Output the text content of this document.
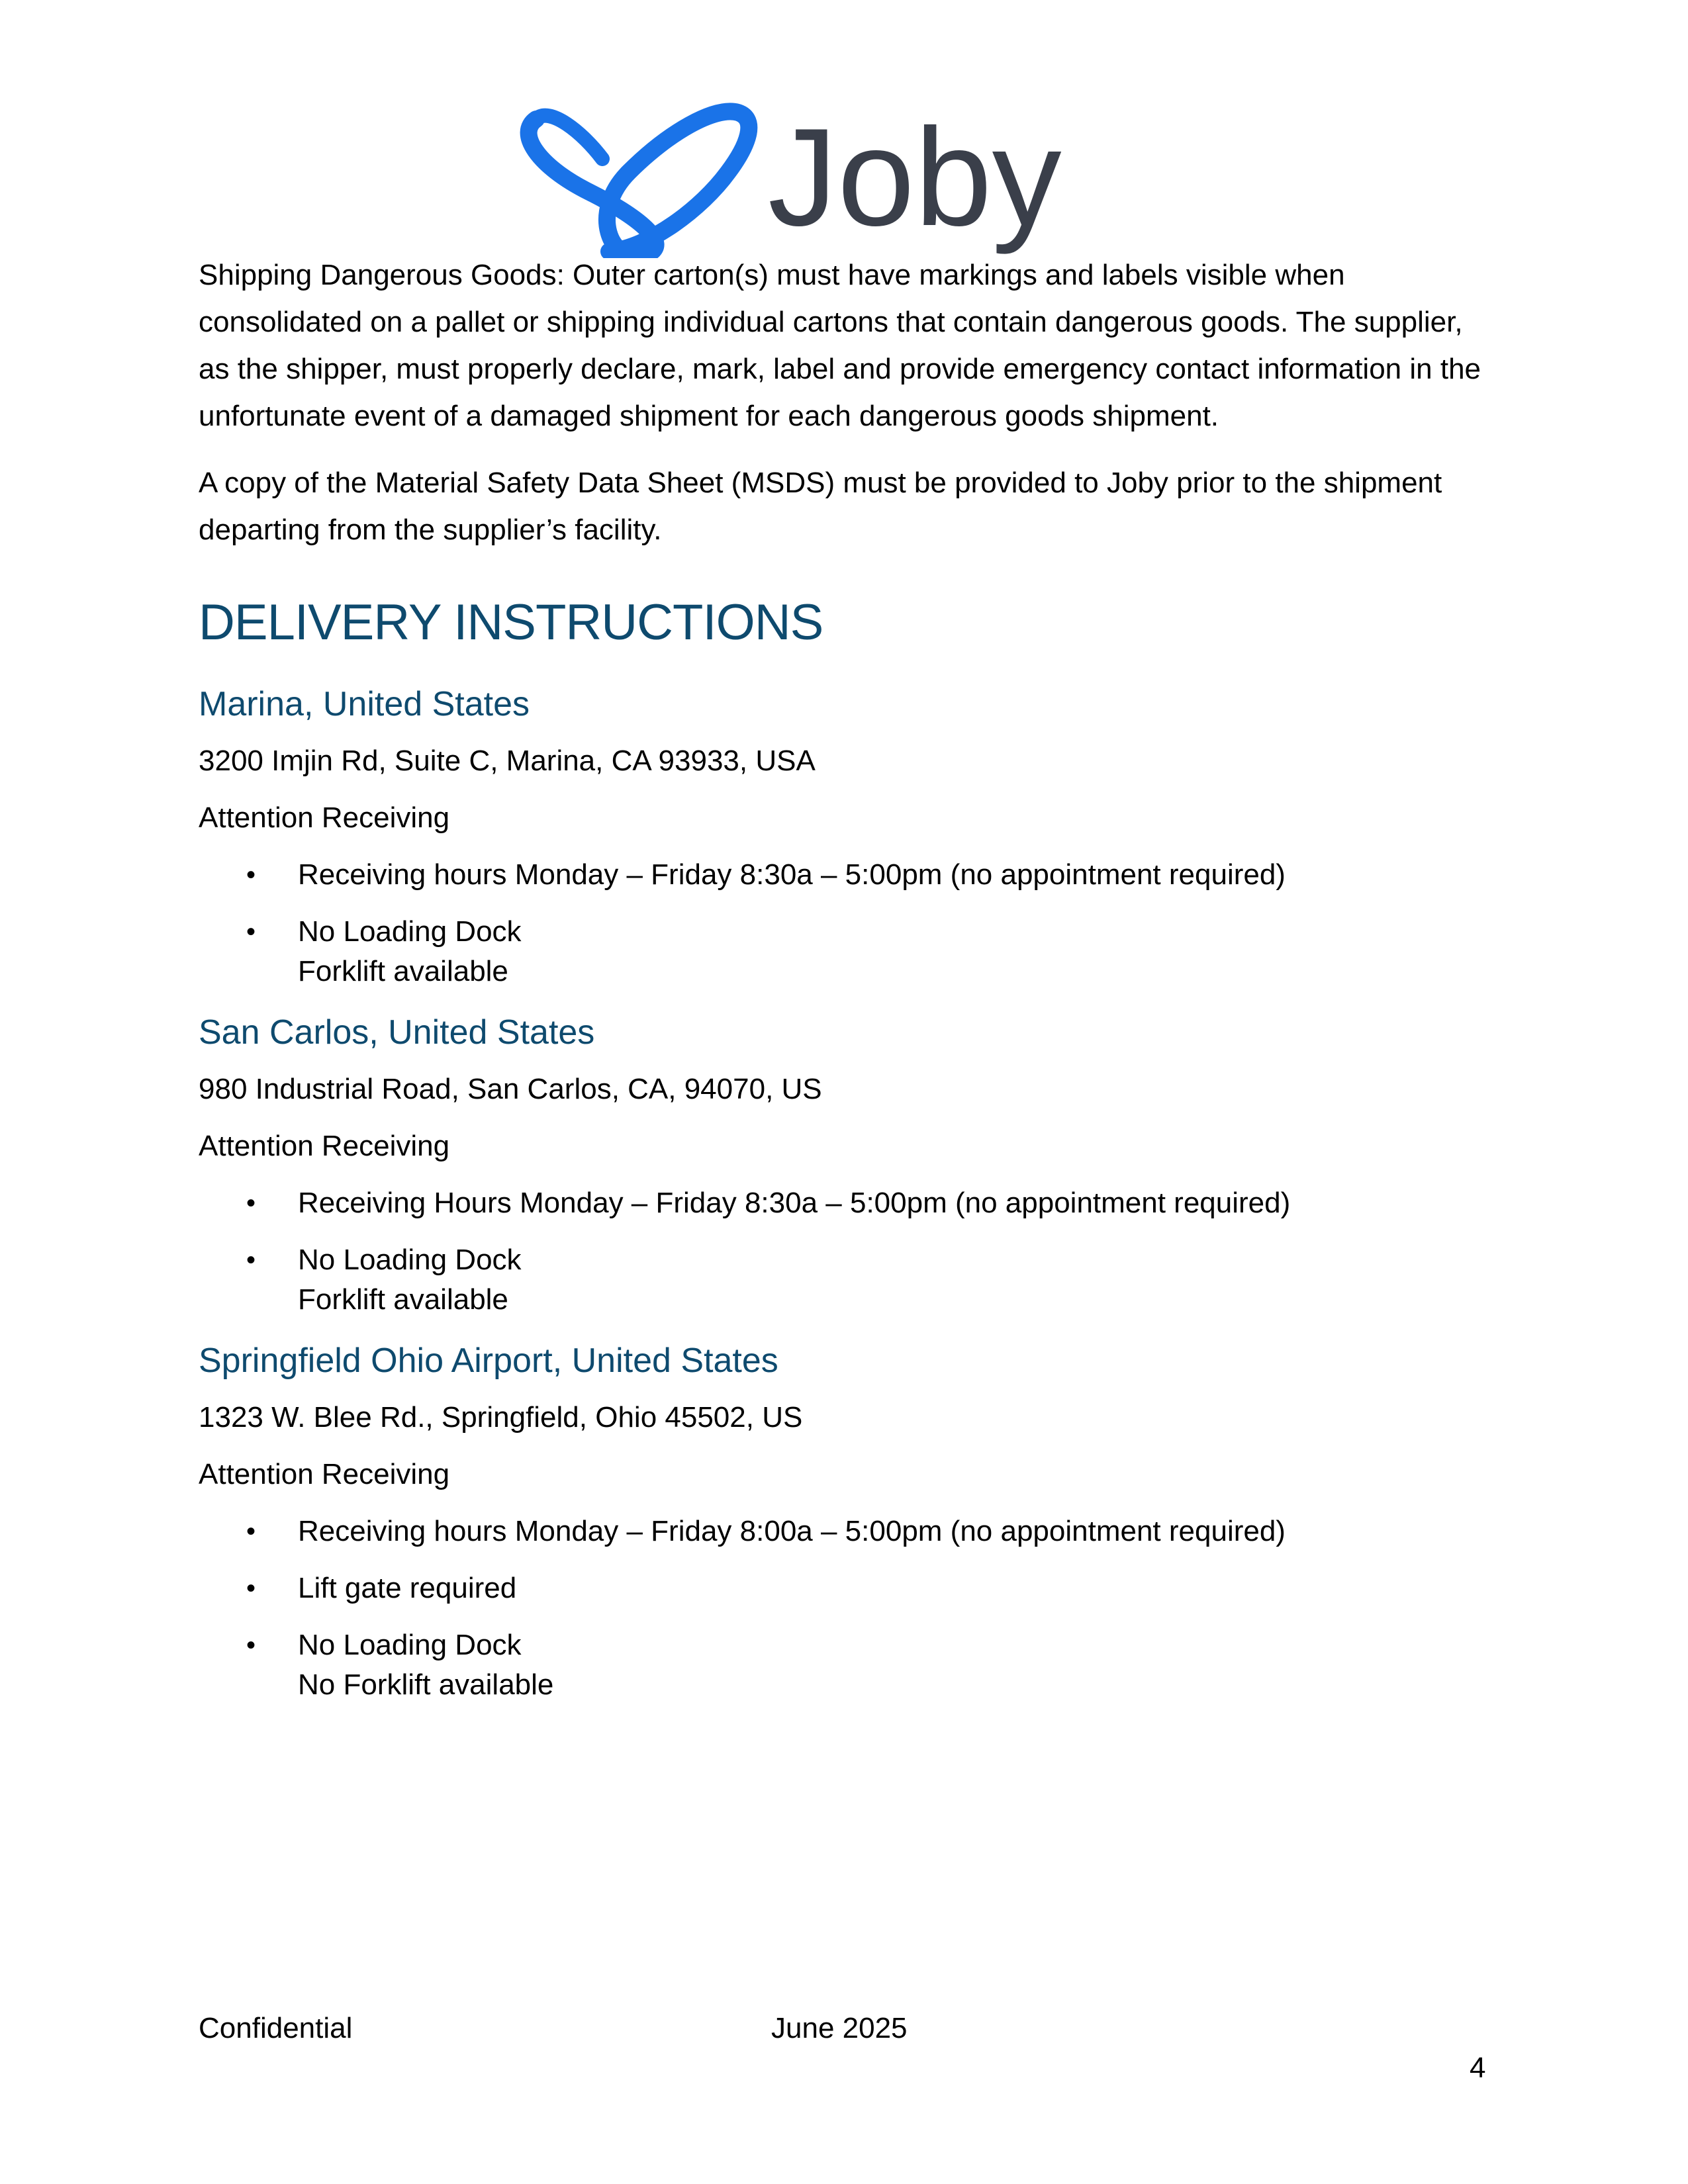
Joby

Shipping Dangerous Goods: Outer carton(s) must have markings and labels visible when consolidated on a pallet or shipping individual cartons that contain dangerous goods. The supplier, as the shipper, must properly declare, mark, label and provide emergency contact information in the unfortunate event of a damaged shipment for each dangerous goods shipment.

A copy of the Material Safety Data Sheet (MSDS) must be provided to Joby prior to the shipment departing from the supplier’s facility.

DELIVERY INSTRUCTIONS
Marina, United States
3200 Imjin Rd, Suite C, Marina, CA 93933, USA
Attention Receiving
• Receiving hours Monday – Friday 8:30a – 5:00pm (no appointment required)
• No Loading Dock
Forklift available
San Carlos, United States
980 Industrial Road, San Carlos, CA, 94070, US
Attention Receiving
• Receiving Hours Monday – Friday 8:30a – 5:00pm (no appointment required)
• No Loading Dock
Forklift available
Springfield Ohio Airport, United States
1323 W. Blee Rd., Springfield, Ohio 45502, US
Attention Receiving
• Receiving hours Monday – Friday 8:00a – 5:00pm (no appointment required)
• Lift gate required
• No Loading Dock
No Forklift available
Confidential	June 2025
4
